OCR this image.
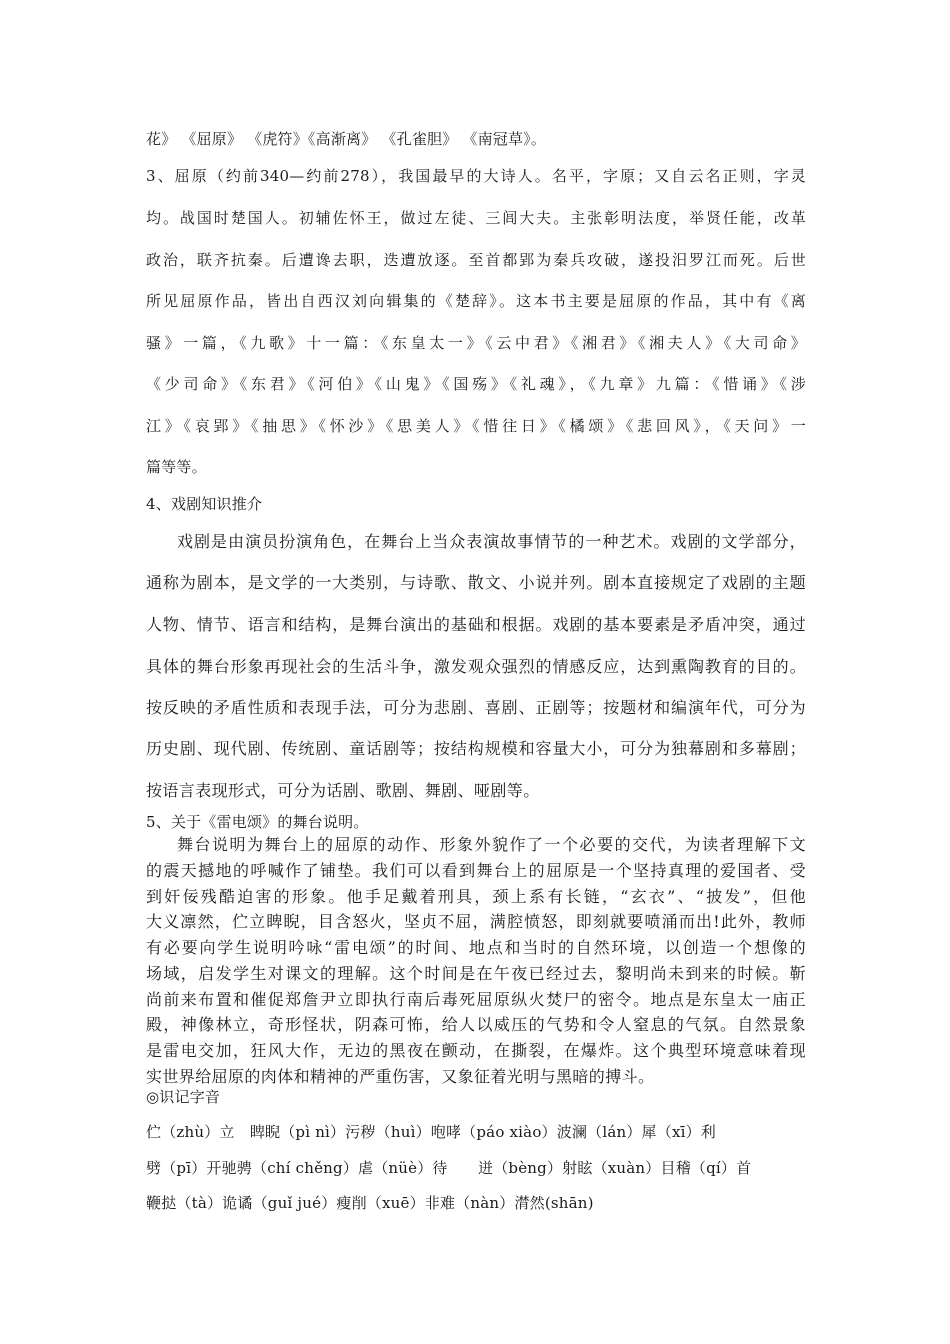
花》 《屈原》 《虎符》《高渐离》 《孔雀胆》 《南冠草》。
3、屈原（约前340—约前278），我国最早的大诗人。名平，字原；又自云名正则，字灵
均。战国时楚国人。初辅佐怀王，做过左徒、三闾大夫。主张彰明法度，举贤任能，改革
政治，联齐抗秦。后遭谗去职，迭遭放逐。至首都郢为秦兵攻破，遂投汨罗江而死。后世
所见屈原作品，皆出自西汉刘向辑集的《楚辞》。这本书主要是屈原的作品，其中有《离
骚》一篇，《九歌》十一篇：《东皇太一》《云中君》《湘君》《湘夫人》《大司命》
《少司命》《东君》《河伯》《山鬼》《国殇》《礼魂》，《九章》九篇：《惜诵》《涉
江》《哀郢》《抽思》《怀沙》《思美人》《惜往日》《橘颂》《悲回风》，《天问》一
篇等等。
4、戏剧知识推介
戏剧是由演员扮演角色，在舞台上当众表演故事情节的一种艺术。戏剧的文学部分，
通称为剧本，是文学的一大类别，与诗歌、散文、小说并列。剧本直接规定了戏剧的主题
人物、情节、语言和结构，是舞台演出的基础和根据。戏剧的基本要素是矛盾冲突，通过
具体的舞台形象再现社会的生活斗争，激发观众强烈的情感反应，达到熏陶教育的目的。
按反映的矛盾性质和表现手法，可分为悲剧、喜剧、正剧等；按题材和编演年代，可分为
历史剧、现代剧、传统剧、童话剧等；按结构规模和容量大小，可分为独幕剧和多幕剧；
按语言表现形式，可分为话剧、歌剧、舞剧、哑剧等。
5、关于《雷电颂》的舞台说明。
舞台说明为舞台上的屈原的动作、形象外貌作了一个必要的交代，为读者理解下文
的震天撼地的呼喊作了铺垫。我们可以看到舞台上的屈原是一个坚持真理的爱国者、受
到奸佞残酷迫害的形象。他手足戴着刑具，颈上系有长链，“玄衣”、“披发”，但他
大义凛然，伫立睥睨，目含怒火，坚贞不屈，满腔愤怒，即刻就要喷涌而出!此外，教师
有必要向学生说明吟咏“雷电颂”的时间、地点和当时的自然环境，以创造一个想像的
场域，启发学生对课文的理解。这个时间是在午夜已经过去，黎明尚未到来的时候。靳
尚前来布置和催促郑詹尹立即执行南后毒死屈原纵火焚尸的密令。地点是东皇太一庙正
殿，神像林立，奇形怪状，阴森可怖，给人以威压的气势和令人窒息的气氛。自然景象
是雷电交加，狂风大作，无边的黑夜在颤动，在撕裂，在爆炸。这个典型环境意味着现
实世界给屈原的肉体和精神的严重伤害，又象征着光明与黑暗的搏斗。
◎识记字音
伫（zhù）立　睥睨（pì nì）污秽（huì）咆哮（páo xiào）波澜（lán）犀（xī）利
劈（pī）开驰骋（chí chěng）虐（nüè）待　　迸（bèng）射眩（xuàn）目稽（qí）首
鞭挞（tà）诡谲（guǐ jué）瘦削（xuē）非难（nàn）潸然(shān)
